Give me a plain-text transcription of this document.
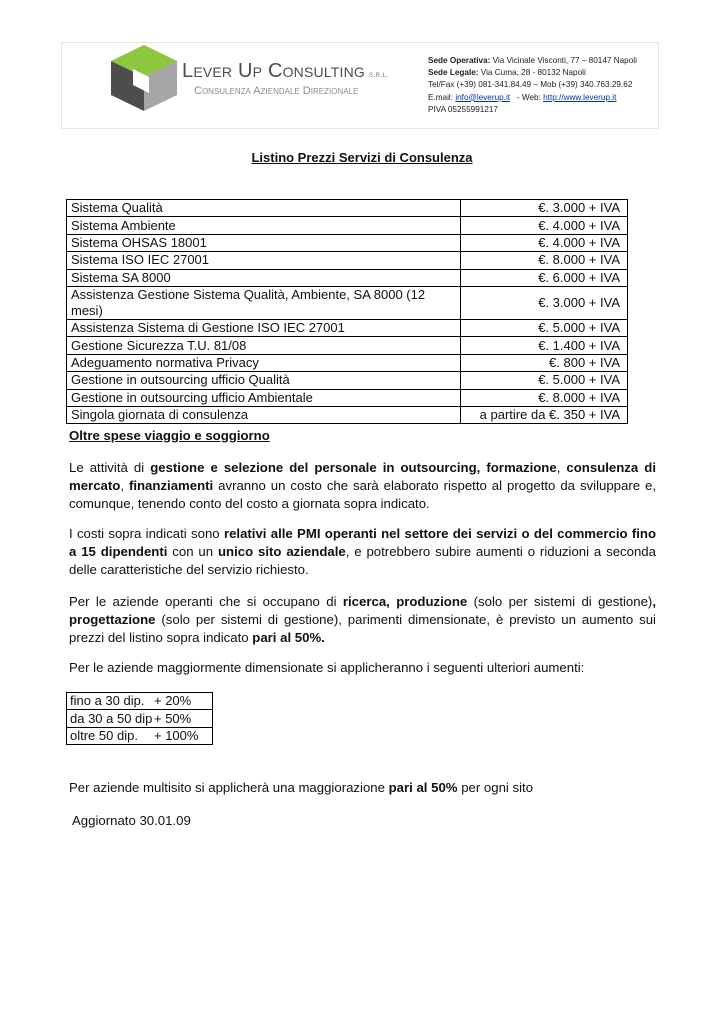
Lever Up Consulting s.r.l.
Consulenza Aziendale Direzionale
Sede Operativa: Via Vicinale Visconti, 77 – 80147 Napoli
Sede Legale: Via Cuma, 28 - 80132 Napoli
Tel/Fax (+39) 081-341.84.49 – Mob (+39) 340.763.29.62
E.mail: info@leverup.it   - Web: http://www.leverup.it
PIVA 05255991217
Listino Prezzi Servizi di Consulenza
Sistema Qualità	€. 3.000 + IVA
Sistema Ambiente	€. 4.000 + IVA
Sistema OHSAS 18001	€. 4.000 + IVA
Sistema ISO IEC 27001	€. 8.000 + IVA
Sistema SA 8000	€. 6.000 + IVA
Assistenza Gestione Sistema Qualità, Ambiente, SA 8000 (12 mesi)	€. 3.000 + IVA
Assistenza Sistema di Gestione ISO IEC 27001	€. 5.000 + IVA
Gestione Sicurezza T.U. 81/08	€. 1.400 + IVA
Adeguamento normativa Privacy	€. 800 + IVA
Gestione in outsourcing ufficio Qualità	€. 5.000 + IVA
Gestione in outsourcing ufficio Ambientale	€. 8.000 + IVA
Singola giornata di consulenza	a partire da €. 350 + IVA

Oltre spese viaggio e soggiorno

Le attività di gestione e selezione del personale in outsourcing, formazione, consulenza di mercato, finanziamenti avranno un costo che sarà elaborato rispetto al progetto da sviluppare e, comunque, tenendo conto del costo a giornata sopra indicato.

I costi sopra indicati sono relativi alle PMI operanti nel settore dei servizi o del commercio fino a 15 dipendenti con un unico sito aziendale, e potrebbero subire aumenti o riduzioni a seconda delle caratteristiche del servizio richiesto.

Per le aziende operanti che si occupano di ricerca, produzione (solo per sistemi di gestione), progettazione (solo per sistemi di gestione), parimenti dimensionate, è previsto un aumento sui prezzi del listino sopra indicato pari al 50%.

Per le aziende maggiormente dimensionate si applicheranno i seguenti ulteriori aumenti:

fino a 30 dip. + 20%
da 30 a 50 dip + 50%
oltre 50 dip. + 100%

Per aziende multisito si applicherà una maggiorazione pari al 50% per ogni sito

Aggiornato 30.01.09
